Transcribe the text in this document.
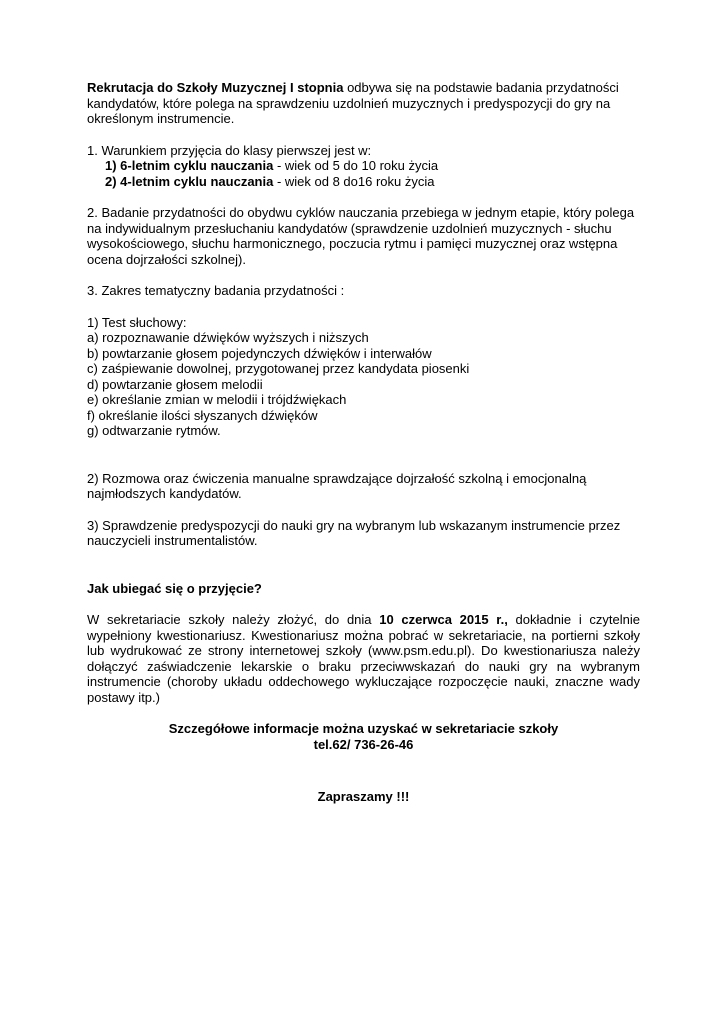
Rekrutacja do Szkoły Muzycznej I stopnia odbywa się na podstawie badania przydatności kandydatów, które polega na sprawdzeniu uzdolnień muzycznych i predyspozycji do gry na określonym instrumencie.

1. Warunkiem przyjęcia do klasy pierwszej jest w:
1) 6-letnim cyklu nauczania - wiek od 5 do 10 roku życia
2) 4-letnim cyklu nauczania - wiek od 8 do16 roku życia

2. Badanie przydatności do obydwu cyklów nauczania przebiega w jednym etapie, który polega na indywidualnym przesłuchaniu kandydatów (sprawdzenie uzdolnień muzycznych - słuchu wysokościowego, słuchu harmonicznego, poczucia rytmu i pamięci muzycznej oraz wstępna ocena dojrzałości szkolnej).

3. Zakres tematyczny badania przydatności :

1) Test słuchowy:
a) rozpoznawanie dźwięków wyższych i niższych
b) powtarzanie głosem pojedynczych dźwięków i interwałów
c) zaśpiewanie dowolnej, przygotowanej przez kandydata piosenki
d) powtarzanie głosem melodii
e) określanie zmian w melodii i trójdźwiękach
f) określanie ilości słyszanych dźwięków
g) odtwarzanie rytmów.

2) Rozmowa oraz ćwiczenia manualne sprawdzające dojrzałość szkolną i emocjonalną najmłodszych kandydatów.

3) Sprawdzenie predyspozycji do nauki gry na wybranym lub wskazanym instrumencie przez nauczycieli instrumentalistów.

Jak ubiegać się o przyjęcie?

W sekretariacie szkoły należy złożyć, do dnia 10 czerwca 2015 r., dokładnie i czytelnie wypełniony kwestionariusz. Kwestionariusz można pobrać w sekretariacie, na portierni szkoły lub wydrukować ze strony internetowej szkoły (www.psm.edu.pl). Do kwestionariusza należy dołączyć zaświadczenie lekarskie o braku przeciwwskazań do nauki gry na wybranym instrumencie (choroby układu oddechowego wykluczające rozpoczęcie nauki, znaczne wady postawy itp.)

Szczegółowe informacje można uzyskać w sekretariacie szkoły
tel.62/ 736-26-46
Zapraszamy !!!
